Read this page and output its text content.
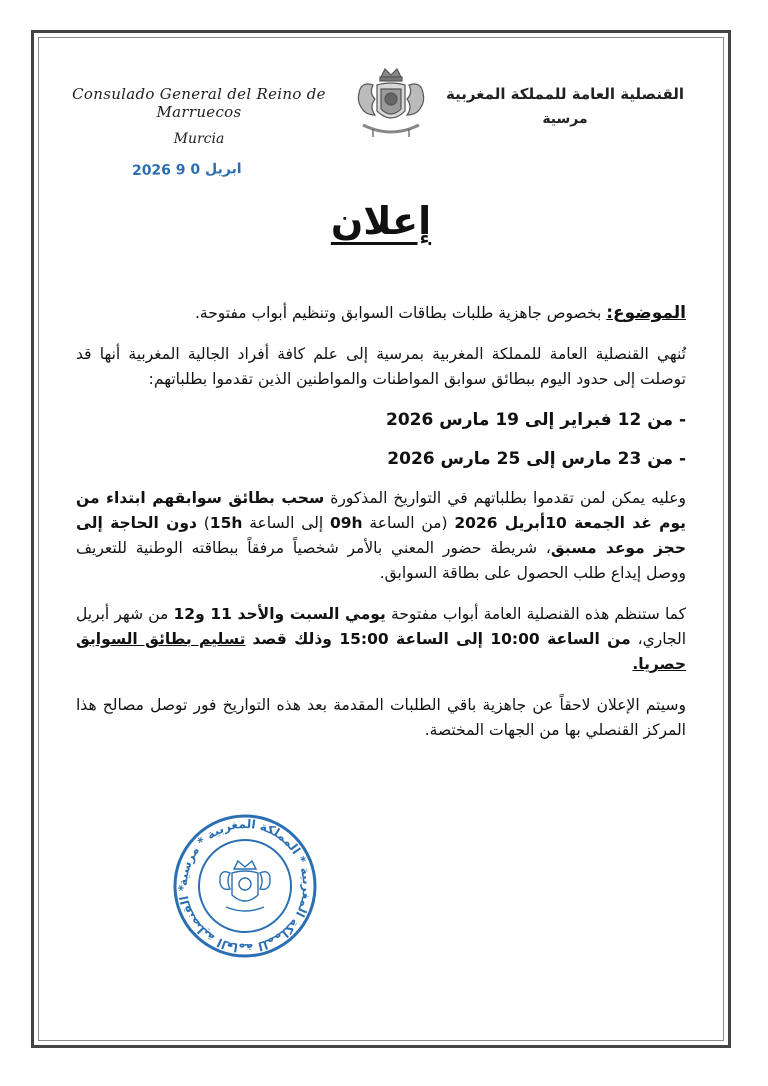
Consulado General del Reino de Marruecos
Murcia
القنصلية العامة للمملكة المغربية
مرسية
2026 ابريل 0 9
إعلان

الموضوع: بخصوص جاهزية طلبات بطاقات السوابق وتنظيم أبواب مفتوحة.

تُنهي القنصلية العامة للمملكة المغربية بمرسية إلى علم كافة أفراد الجالية المغربية أنها قد توصلت إلى حدود اليوم ببطائق سوابق المواطنات والمواطنين الذين تقدموا بطلباتهم:

- من 12 فبراير إلى 19 مارس 2026

- من 23 مارس إلى 25 مارس 2026

وعليه يمكن لمن تقدموا بطلباتهم في التواريخ المذكورة سحب بطائق سوابقهم ابتداء من يوم غد الجمعة 10أبريل 2026 (من الساعة 09h إلى الساعة 15h) دون الحاجة إلى حجز موعد مسبق، شريطة حضور المعني بالأمر شخصياً مرفقاً ببطاقته الوطنية للتعريف ووصل إيداع طلب الحصول على بطاقة السوابق.

كما ستنظم هذه القنصلية العامة أبواب مفتوحة يومي السبت والأحد 11 و12 من شهر أبريل الجاري، من الساعة 10:00 إلى الساعة 15:00 وذلك قصد تسليم بطائق السوابق حصريا.

وسيتم الإعلان لاحقاً عن جاهزية باقي الطلبات المقدمة بعد هذه التواريخ فور توصل مصالح هذا المركز القنصلي بها من الجهات المختصة.

القنصلية العامة للمملكة المغربية * المملكة المغربية * مرسية *
